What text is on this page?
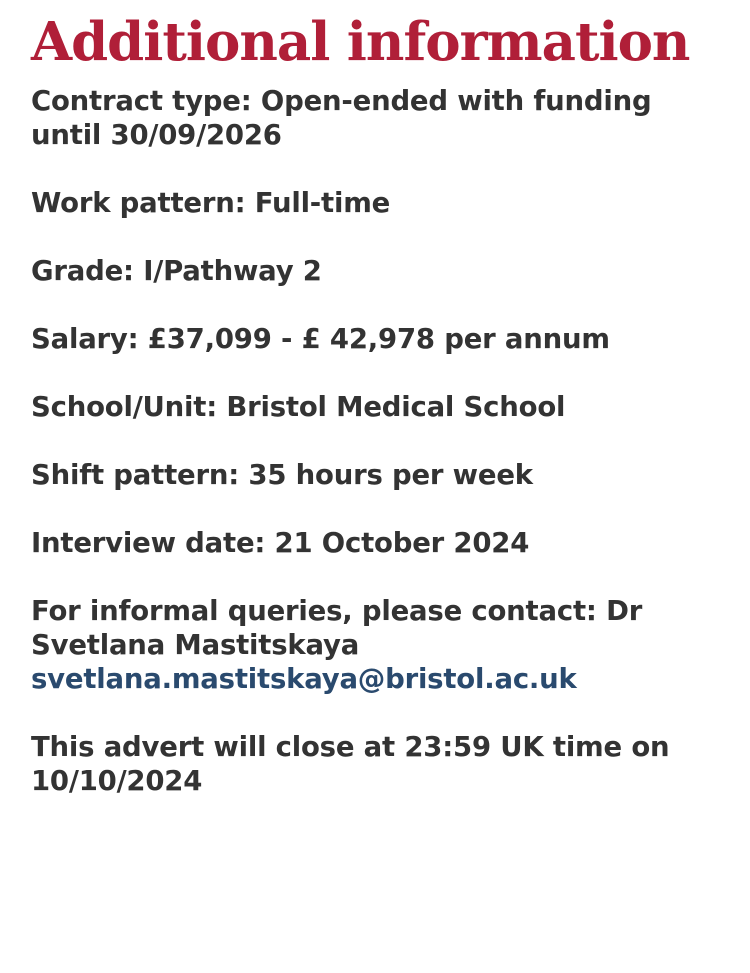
Additional information

Contract type: Open-ended with funding until 30/09/2026

Work pattern: Full-time

Grade: I/Pathway 2

Salary: £37,099 - £ 42,978 per annum

School/Unit: Bristol Medical School

Shift pattern: 35 hours per week

Interview date: 21 October 2024

For informal queries, please contact: Dr Svetlana Mastitskaya
svetlana.mastitskaya@bristol.ac.uk

This advert will close at 23:59 UK time on 10/10/2024
